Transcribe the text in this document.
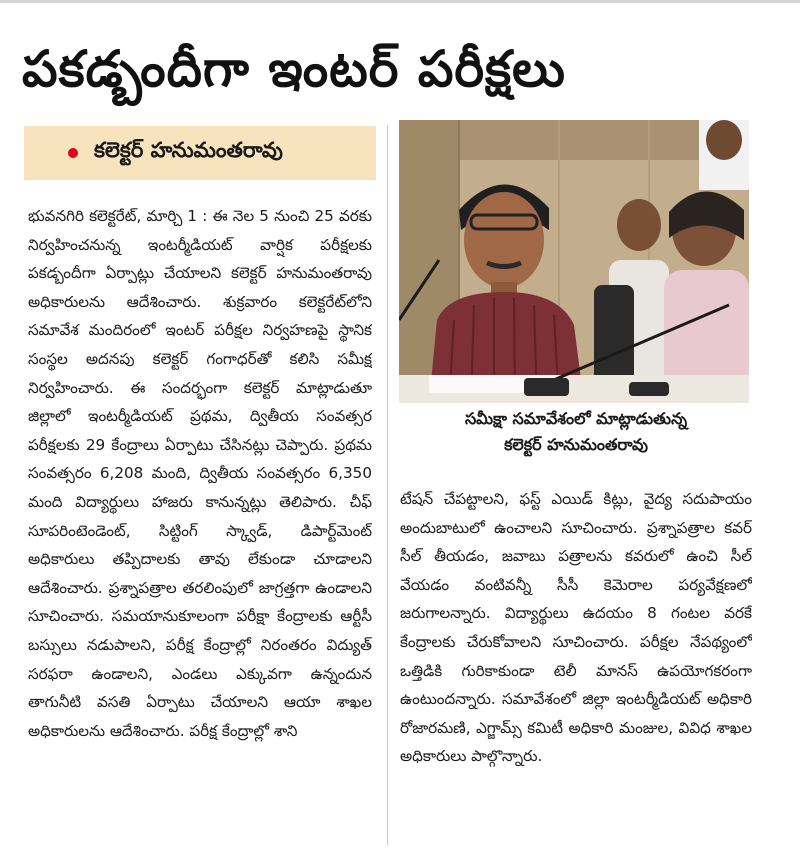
పకడ్బందీగా ఇంటర్ పరీక్షలు
కలెక్టర్ హనుమంతరావు
భువనగిరి కలెక్టరేట్, మార్చి 1 : ఈ నెల 5 నుంచి 25 వరకు నిర్వహించనున్న ఇంటర్మీడియట్ వార్షిక పరీక్షలకు పకడ్బందీగా ఏర్పాట్లు చేయాలని కలెక్టర్ హనుమంతరావు అధికారులను ఆదేశించారు. శుక్రవారం కలెక్టరేట్‌లోని సమావేశ మందిరంలో ఇంటర్ పరీక్షల నిర్వహణపై స్థానిక సంస్థల అదనపు కలెక్టర్ గంగాధర్‌తో కలిసి సమీక్ష నిర్వహించారు. ఈ సందర్భంగా కలెక్టర్ మాట్లాడుతూ జిల్లాలో ఇంటర్మీడియట్ ప్రథమ, ద్వితీయ సంవత్సర పరీక్షలకు 29 కేంద్రాలు ఏర్పాటు చేసినట్లు చెప్పారు. ప్రథమ సంవత్సరం 6,208 మంది, ద్వితీయ సంవత్సరం 6,350 మంది విద్యార్థులు హాజరు కానున్నట్లు తెలిపారు. చీఫ్ సూపరింటెండెంట్, సిట్టింగ్ స్క్వాడ్, డిపార్ట్‌మెంట్ అధికారులు తప్పిదాలకు తావు లేకుండా చూడాలని ఆదేశించారు. ప్రశ్నాపత్రాల తరలింపులో జాగ్రత్తగా ఉండాలని సూచించారు. సమయానుకూలంగా పరీక్షా కేంద్రాలకు ఆర్టీసీ బస్సులు నడుపాలని, పరీక్ష కేంద్రాల్లో నిరంతరం విద్యుత్ సరఫరా ఉండాలని, ఎండలు ఎక్కువగా ఉన్నందున తాగునీటి వసతి ఏర్పాటు చేయాలని ఆయా శాఖల అధికారులను ఆదేశించారు. పరీక్ష కేంద్రాల్లో శాని
సమీక్షా సమావేశంలో మాట్లాడుతున్న
కలెక్టర్ హనుమంతరావు
టేషన్ చేపట్టాలని, ఫస్ట్ ఎయిడ్ కిట్లు, వైద్య సదుపాయం అందుబాటులో ఉంచాలని సూచించారు. ప్రశ్నాపత్రాల కవర్ సీల్ తీయడం, జవాబు పత్రాలను కవరులో ఉంచి సీల్ వేయడం వంటివన్నీ సీసీ కెమెరాల పర్యవేక్షణలో జరుగాలన్నారు. విద్యార్థులు ఉదయం 8 గంటల వరకే కేంద్రాలకు చేరుకోవాలని సూచించారు. పరీక్షల నేపథ్యంలో ఒత్తిడికి గురికాకుండా టెలీ మానస్ ఉపయోగకరంగా ఉంటుందన్నారు. సమావేశంలో జిల్లా ఇంటర్మీడియట్ అధికారి రోజారమణి, ఎగ్జామ్స్ కమిటీ అధికారి మంజుల, వివిధ శాఖల అధికారులు పాల్గొన్నారు.
